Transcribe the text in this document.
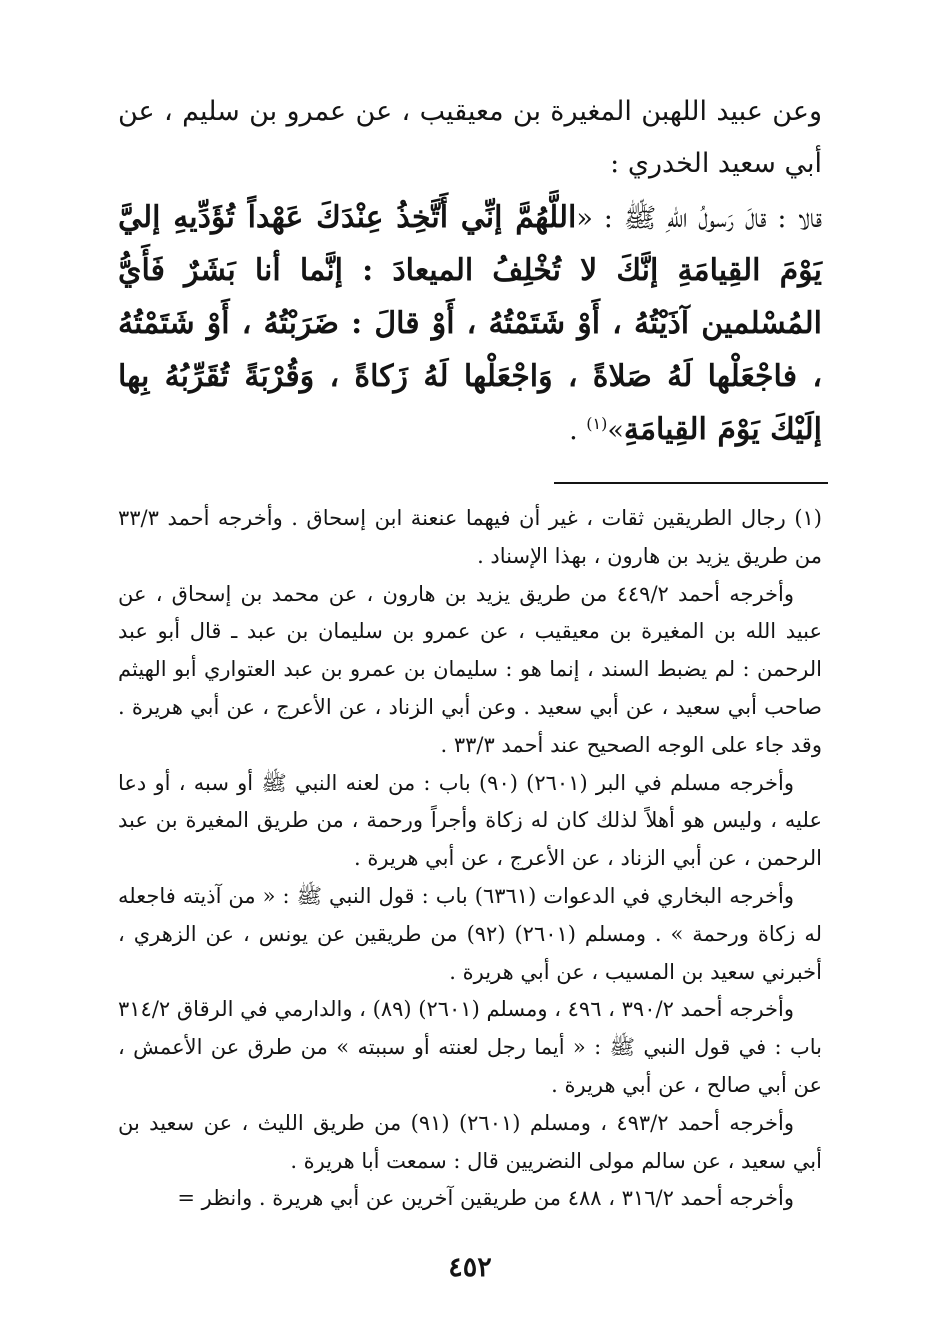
وعن عبيد اللهبن المغيرة بن معيقيب ، عن عمرو بن سليم ، عن أبي سعيد الخدري :

قالا : قالَ رَسولُ اللّهِ ﷺ : «اللَّهُمَّ إنِّي أَتَّخِذُ عِنْدَكَ عَهْداً تُؤَدِّيهِ إليَّ يَوْمَ القِيامَةِ إنَّكَ لا تُخْلِفُ الميعادَ : إنَّما أنا بَشَرٌ فَأَيُّ المُسْلمين آذَيْتُهُ ، أَوْ شَتَمْتُهُ ، أَوْ قالَ : ضَرَبْتُهُ ، أَوْ شَتَمْتُهُ ، فاجْعَلْها لَهُ صَلاةً ، وَاجْعَلْها لَهُ زَكاةً ، وَقُرْبَةً تُقَرِّبُهُ بِها إلَيْكَ يَوْمَ القِيامَةِ»$^{(١)}$ .

(١) رجال الطريقين ثقات ، غير أن فيهما عنعنة ابن إسحاق . وأخرجه أحمد ٣٣/٣ من طريق يزيد بن هارون ، بهذا الإسناد .

وأخرجه أحمد ٤٤٩/٢ من طريق يزيد بن هارون ، عن محمد بن إسحاق ، عن عبيد الله بن المغيرة بن معيقيب ، عن عمرو بن سليمان بن عبد ـ قال أبو عبد الرحمن : لم يضبط السند ، إنما هو : سليمان بن عمرو بن عبد العتواري أبو الهيثم صاحب أبي سعيد ، عن أبي سعيد . وعن أبي الزناد ، عن الأعرج ، عن أبي هريرة . وقد جاء على الوجه الصحيح عند أحمد ٣٣/٣ .

وأخرجه مسلم في البر (٢٦٠١) (٩٠) باب : من لعنه النبي ﷺ أو سبه ، أو دعا عليه ، وليس هو أهلاً لذلك كان له زكاة وأجراً ورحمة ، من طريق المغيرة بن عبد الرحمن ، عن أبي الزناد ، عن الأعرج ، عن أبي هريرة .

وأخرجه البخاري في الدعوات (٦٣٦١) باب : قول النبي ﷺ : « من آذيته فاجعله له زكاة ورحمة » . ومسلم (٢٦٠١) (٩٢) من طريقين عن يونس ، عن الزهري ، أخبرني سعيد بن المسيب ، عن أبي هريرة .

وأخرجه أحمد ٣٩٠/٢ ، ٤٩٦ ، ومسلم (٢٦٠١) (٨٩) ، والدارمي في الرقاق ٣١٤/٢ باب : في قول النبي ﷺ : « أيما رجل لعنته أو سببته » من طرق عن الأعمش ، عن أبي صالح ، عن أبي هريرة .

وأخرجه أحمد ٤٩٣/٢ ، ومسلم (٢٦٠١) (٩١) من طريق الليث ، عن سعيد بن أبي سعيد ، عن سالم مولى النضريين قال : سمعت أبا هريرة .

وأخرجه أحمد ٣١٦/٢ ، ٤٨٨ من طريقين آخرين عن أبي هريرة . وانظر =

٤٥٢
